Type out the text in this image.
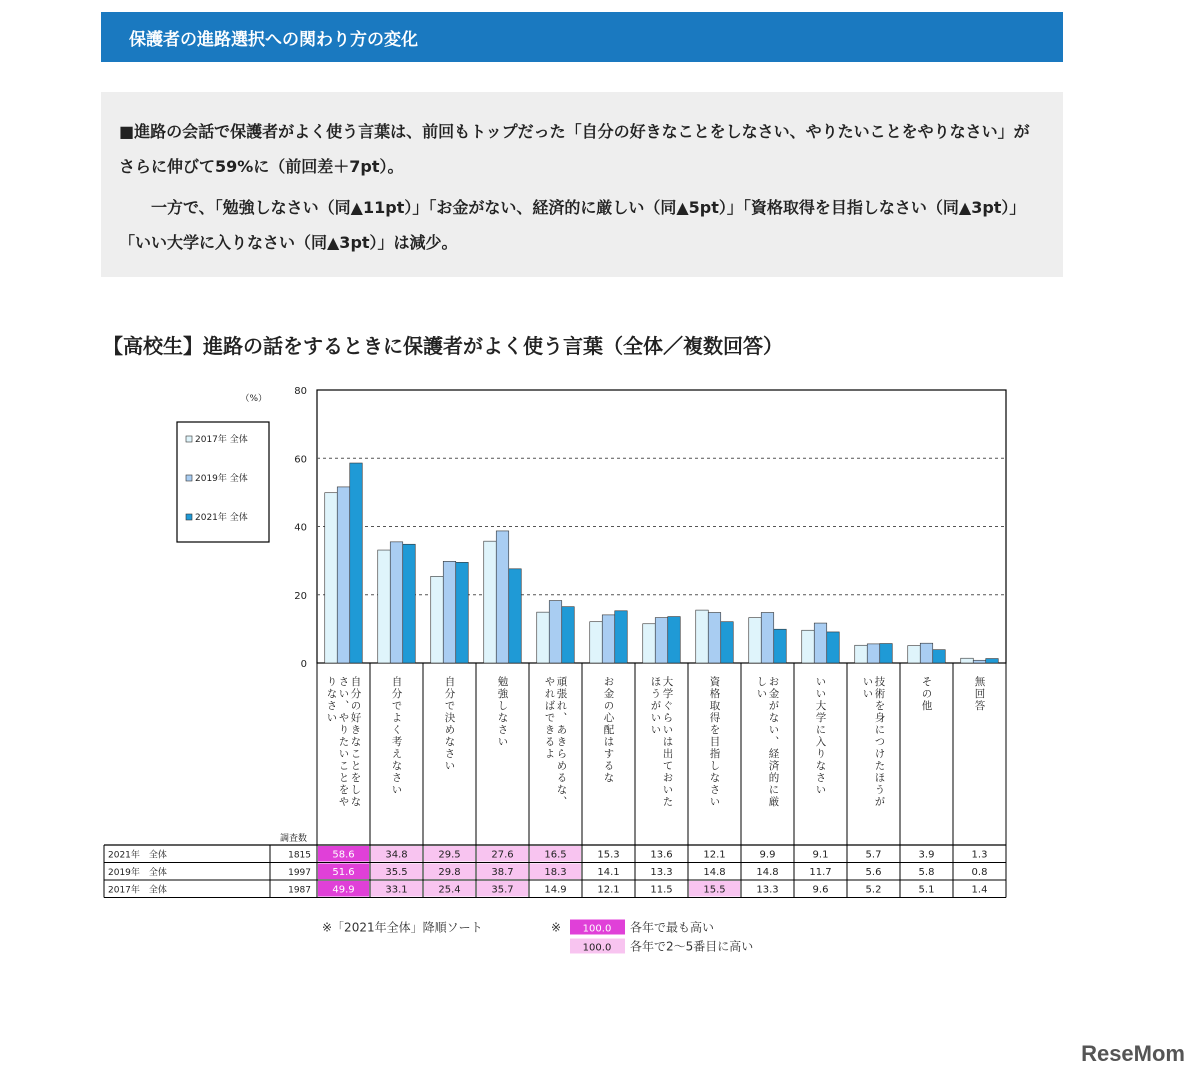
保護者の進路選択への関わり方の変化

■進路の会話で保護者がよく使う言葉は、前回もトップだった「自分の好きなことをしなさい、やりたいことをやりなさい」がさらに伸びて59%に（前回差＋7pt）。

一方で、「勉強しなさい（同▲11pt）」「お金がない、経済的に厳しい（同▲5pt）」「資格取得を目指しなさい（同▲3pt）」「いい大学に入りなさい（同▲3pt）」は減少。

【高校生】進路の話をするときに保護者がよく使う言葉（全体／複数回答）
0
20
40
60
80
（%）
2017年 全体
2019年 全体
2021年 全体
自分の好きなことをしな
さい、やりたいことをや
りなさい	自分でよく考えなさい	自分で決めなさい	勉強しなさい	頑張れ、あきらめるな、
やればできるよ	お金の心配はするな	大学ぐらいは出ておいた
ほうがいい	資格取得を目指しなさい	お金がない、経済的に厳
しい	いい大学に入りなさい	技術を身につけたほうが
いい	その他	無回答
調査数
2021年　全体	1815 58.6	34.8	29.5	27.6	16.5	15.3	13.6	12.1	9.9	9.1	5.7	3.9	1.3
2019年　全体	1997 51.6	35.5	29.8	38.7	18.3	14.1	13.3	14.8	14.8	11.7	5.6	5.8	0.8
2017年　全体	1987 49.9	33.1	25.4	35.7	14.9	12.1	11.5	15.5	13.3	9.6	5.2	5.1	1.4
※「2021年全体」降順ソート	※ 100.0 各年で最も高い
100.0 各年で2～5番目に高い
ReseMom
